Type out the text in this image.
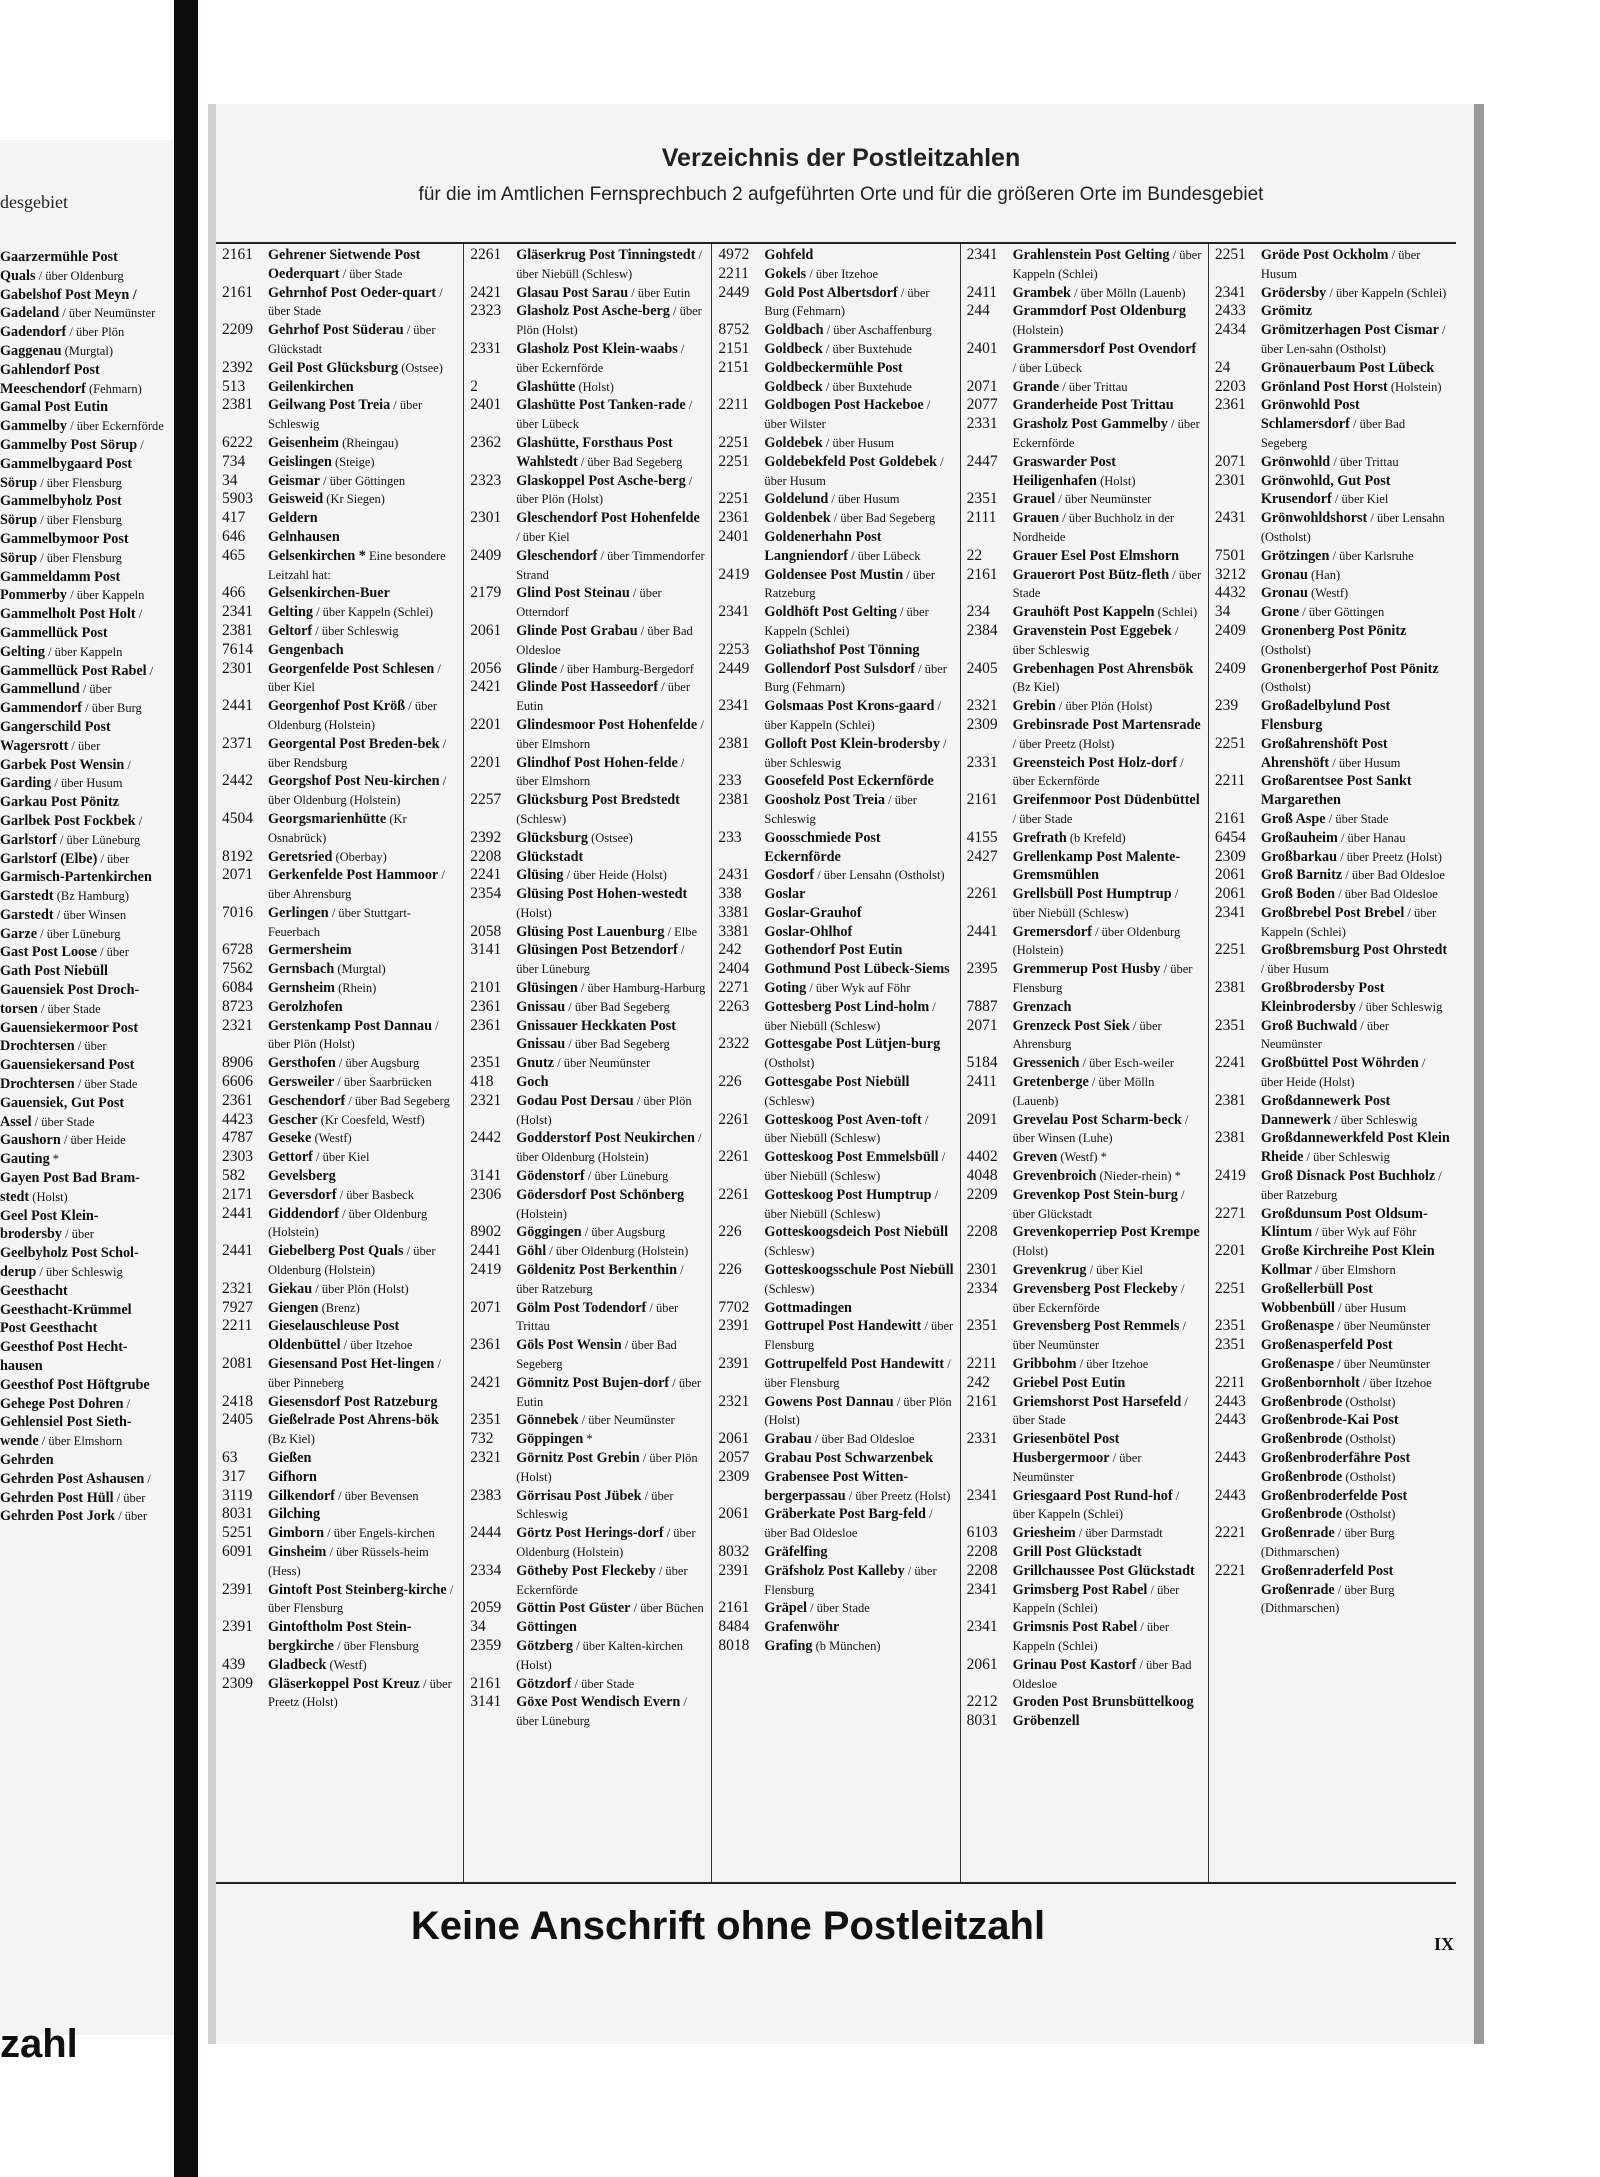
desgebiet
Gaarzermühle Post
Quals / über Oldenburg
Gabelshof Post Meyn /
Gadeland / über Neumünster
Gadendorf / über Plön
Gaggenau (Murgtal)
Gahlendorf Post
Meeschendorf (Fehmarn)
Gamal Post Eutin
Gammelby / über Eckernförde
Gammelby Post Sörup /
Gammelbygaard Post
Sörup / über Flensburg
Gammelbyholz Post
Sörup / über Flensburg
Gammelbymoor Post
Sörup / über Flensburg
Gammeldamm Post
Pommerby / über Kappeln
Gammelholt Post Holt /
Gammellück Post
Gelting / über Kappeln
Gammellück Post Rabel /
Gammellund / über
Gammendorf / über Burg
Gangerschild Post
Wagersrott / über
Garbek Post Wensin /
Garding / über Husum
Garkau Post Pönitz
Garlbek Post Fockbek /
Garlstorf / über Lüneburg
Garlstorf (Elbe) / über
Garmisch-Partenkirchen
Garstedt (Bz Hamburg)
Garstedt / über Winsen
Garze / über Lüneburg
Gast Post Loose / über
Gath Post Niebüll
Gauensiek Post Droch-
torsen / über Stade
Gauensiekermoor Post
Drochtersen / über
Gauensiekersand Post
Drochtersen / über Stade
Gauensiek, Gut Post
Assel / über Stade
Gaushorn / über Heide
Gauting *
Gayen Post Bad Bram-
stedt (Holst)
Geel Post Klein-
brodersby / über
Geelbyholz Post Schol-
derup / über Schleswig
Geesthacht
Geesthacht-Krümmel
Post Geesthacht
Geesthof Post Hecht-
hausen
Geesthof Post Höftgrube
Gehege Post Dohren /
Gehlensiel Post Sieth-
wende / über Elmshorn
Gehrden
Gehrden Post Ashausen /
Gehrden Post Hüll / über
Gehrden Post Jork / über
zahl
Verzeichnis der Postleitzahlen
für die im Amtlichen Fernsprechbuch 2 aufgeführten Orte und für die größeren Orte im Bundesgebiet
2161	Gehrener Sietwende Post Oederquart / über Stade
2161	Gehrnhof Post Oeder-quart / über Stade
2209	Gehrhof Post Süderau / über Glückstadt
2392	Geil Post Glücksburg (Ostsee)
513	Geilenkirchen
2381	Geilwang Post Treia / über Schleswig
6222	Geisenheim (Rheingau)
734	Geislingen (Steige)
34	Geismar / über Göttingen
5903	Geisweid (Kr Siegen)
417	Geldern
646	Gelnhausen
465	Gelsenkirchen * Eine besondere Leitzahl hat:
466	Gelsenkirchen-Buer
2341	Gelting / über Kappeln (Schlei)
2381	Geltorf / über Schleswig
7614	Gengenbach
2301	Georgenfelde Post Schlesen / über Kiel
2441	Georgenhof Post Kröß / über Oldenburg (Holstein)
2371	Georgental Post Breden-bek / über Rendsburg
2442	Georgshof Post Neu-kirchen / über Oldenburg (Holstein)
4504	Georgsmarienhütte (Kr Osnabrück)
8192	Geretsried (Oberbay)
2071	Gerkenfelde Post Hammoor / über Ahrensburg
7016	Gerlingen / über Stuttgart-Feuerbach
6728	Germersheim
7562	Gernsbach (Murgtal)
6084	Gernsheim (Rhein)
8723	Gerolzhofen
2321	Gerstenkamp Post Dannau / über Plön (Holst)
8906	Gersthofen / über Augsburg
6606	Gersweiler / über Saarbrücken
2361	Geschendorf / über Bad Segeberg
4423	Gescher (Kr Coesfeld, Westf)
4787	Geseke (Westf)
2303	Gettorf / über Kiel
582	Gevelsberg
2171	Geversdorf / über Basbeck
2441	Giddendorf / über Oldenburg (Holstein)
2441	Giebelberg Post Quals / über Oldenburg (Holstein)
2321	Giekau / über Plön (Holst)
7927	Giengen (Brenz)
2211	Gieselauschleuse Post Oldenbüttel / über Itzehoe
2081	Giesensand Post Het-lingen / über Pinneberg
2418	Giesensdorf Post Ratzeburg
2405	Gießelrade Post Ahrens-bök (Bz Kiel)
63	Gießen
317	Gifhorn
3119	Gilkendorf / über Bevensen
8031	Gilching
5251	Gimborn / über Engels-kirchen
6091	Ginsheim / über Rüssels-heim (Hess)
2391	Gintoft Post Steinberg-kirche / über Flensburg
2391	Gintoftholm Post Stein-bergkirche / über Flensburg
439	Gladbeck (Westf)
2309	Gläserkoppel Post Kreuz / über Preetz (Holst)
2261	Gläserkrug Post Tinningstedt / über Niebüll (Schlesw)
2421	Glasau Post Sarau / über Eutin
2323	Glasholz Post Asche-berg / über Plön (Holst)
2331	Glasholz Post Klein-waabs / über Eckernförde
2	Glashütte (Holst)
2401	Glashütte Post Tanken-rade / über Lübeck
2362	Glashütte, Forsthaus Post Wahlstedt / über Bad Segeberg
2323	Glaskoppel Post Asche-berg / über Plön (Holst)
2301	Gleschendorf Post Hohenfelde / über Kiel
2409	Gleschendorf / über Timmendorfer Strand
2179	Glind Post Steinau / über Otterndorf
2061	Glinde Post Grabau / über Bad Oldesloe
2056	Glinde / über Hamburg-Bergedorf
2421	Glinde Post Hasseedorf / über Eutin
2201	Glindesmoor Post Hohenfelde / über Elmshorn
2201	Glindhof Post Hohen-felde / über Elmshorn
2257	Glücksburg Post Bredstedt (Schlesw)
2392	Glücksburg (Ostsee)
2208	Glückstadt
2241	Glüsing / über Heide (Holst)
2354	Glüsing Post Hohen-westedt (Holst)
2058	Glüsing Post Lauenburg / Elbe
3141	Glüsingen Post Betzendorf / über Lüneburg
2101	Glüsingen / über Hamburg-Harburg
2361	Gnissau / über Bad Segeberg
2361	Gnissauer Heckkaten Post Gnissau / über Bad Segeberg
2351	Gnutz / über Neumünster
418	Goch
2321	Godau Post Dersau / über Plön (Holst)
2442	Godderstorf Post Neukirchen / über Oldenburg (Holstein)
3141	Gödenstorf / über Lüneburg
2306	Gödersdorf Post Schönberg (Holstein)
8902	Göggingen / über Augsburg
2441	Göhl / über Oldenburg (Holstein)
2419	Göldenitz Post Berkenthin / über Ratzeburg
2071	Gölm Post Todendorf / über Trittau
2361	Göls Post Wensin / über Bad Segeberg
2421	Gömnitz Post Bujen-dorf / über Eutin
2351	Gönnebek / über Neumünster
732	Göppingen *
2321	Görnitz Post Grebin / über Plön (Holst)
2383	Görrisau Post Jübek / über Schleswig
2444	Görtz Post Herings-dorf / über Oldenburg (Holstein)
2334	Götheby Post Fleckeby / über Eckernförde
2059	Göttin Post Güster / über Büchen
34	Göttingen
2359	Götzberg / über Kalten-kirchen (Holst)
2161	Götzdorf / über Stade
3141	Göxe Post Wendisch Evern / über Lüneburg
4972	Gohfeld
2211	Gokels / über Itzehoe
2449	Gold Post Albertsdorf / über Burg (Fehmarn)
8752	Goldbach / über Aschaffenburg
2151	Goldbeck / über Buxtehude
2151	Goldbeckermühle Post Goldbeck / über Buxtehude
2211	Goldbogen Post Hackeboe / über Wilster
2251	Goldebek / über Husum
2251	Goldebekfeld Post Goldebek / über Husum
2251	Goldelund / über Husum
2361	Goldenbek / über Bad Segeberg
2401	Goldenerhahn Post Langniendorf / über Lübeck
2419	Goldensee Post Mustin / über Ratzeburg
2341	Goldhöft Post Gelting / über Kappeln (Schlei)
2253	Goliathshof Post Tönning
2449	Gollendorf Post Sulsdorf / über Burg (Fehmarn)
2341	Golsmaas Post Krons-gaard / über Kappeln (Schlei)
2381	Golloft Post Klein-brodersby / über Schleswig
233	Goosefeld Post Eckernförde
2381	Goosholz Post Treia / über Schleswig
233	Goosschmiede Post Eckernförde
2431	Gosdorf / über Lensahn (Ostholst)
338	Goslar
3381	Goslar-Grauhof
3381	Goslar-Ohlhof
242	Gothendorf Post Eutin
2404	Gothmund Post Lübeck-Siems
2271	Goting / über Wyk auf Föhr
2263	Gottesberg Post Lind-holm / über Niebüll (Schlesw)
2322	Gottesgabe Post Lütjen-burg (Ostholst)
226	Gottesgabe Post Niebüll (Schlesw)
2261	Gotteskoog Post Aven-toft / über Niebüll (Schlesw)
2261	Gotteskoog Post Emmelsbüll / über Niebüll (Schlesw)
2261	Gotteskoog Post Humptrup / über Niebüll (Schlesw)
226	Gotteskoogsdeich Post Niebüll (Schlesw)
226	Gotteskoogsschule Post Niebüll (Schlesw)
7702	Gottmadingen
2391	Gottrupel Post Handewitt / über Flensburg
2391	Gottrupelfeld Post Handewitt / über Flensburg
2321	Gowens Post Dannau / über Plön (Holst)
2061	Grabau / über Bad Oldesloe
2057	Grabau Post Schwarzenbek
2309	Grabensee Post Witten-bergerpassau / über Preetz (Holst)
2061	Gräberkate Post Barg-feld / über Bad Oldesloe
8032	Gräfelfing
2391	Gräfsholz Post Kalleby / über Flensburg
2161	Gräpel / über Stade
8484	Grafenwöhr
8018	Grafing (b München)
2341	Grahlenstein Post Gelting / über Kappeln (Schlei)
2411	Grambek / über Mölln (Lauenb)
244	Grammdorf Post Oldenburg (Holstein)
2401	Grammersdorf Post Ovendorf / über Lübeck
2071	Grande / über Trittau
2077	Granderheide Post Trittau
2331	Grasholz Post Gammelby / über Eckernförde
2447	Graswarder Post Heiligenhafen (Holst)
2351	Grauel / über Neumünster
2111	Grauen / über Buchholz in der Nordheide
22	Grauer Esel Post Elmshorn
2161	Grauerort Post Bütz-fleth / über Stade
234	Grauhöft Post Kappeln (Schlei)
2384	Gravenstein Post Eggebek / über Schleswig
2405	Grebenhagen Post Ahrensbök (Bz Kiel)
2321	Grebin / über Plön (Holst)
2309	Grebinsrade Post Martensrade / über Preetz (Holst)
2331	Greensteich Post Holz-dorf / über Eckernförde
2161	Greifenmoor Post Düdenbüttel / über Stade
4155	Grefrath (b Krefeld)
2427	Grellenkamp Post Malente-Gremsmühlen
2261	Grellsbüll Post Humptrup / über Niebüll (Schlesw)
2441	Gremersdorf / über Oldenburg (Holstein)
2395	Gremmerup Post Husby / über Flensburg
7887	Grenzach
2071	Grenzeck Post Siek / über Ahrensburg
5184	Gressenich / über Esch-weiler
2411	Gretenberge / über Mölln (Lauenb)
2091	Grevelau Post Scharm-beck / über Winsen (Luhe)
4402	Greven (Westf) *
4048	Grevenbroich (Nieder-rhein) *
2209	Grevenkop Post Stein-burg / über Glückstadt
2208	Grevenkoperriep Post Krempe (Holst)
2301	Grevenkrug / über Kiel
2334	Grevensberg Post Fleckeby / über Eckernförde
2351	Grevensberg Post Remmels / über Neumünster
2211	Gribbohm / über Itzehoe
242	Griebel Post Eutin
2161	Griemshorst Post Harsefeld / über Stade
2331	Griesenbötel Post Husbergermoor / über Neumünster
2341	Griesgaard Post Rund-hof / über Kappeln (Schlei)
6103	Griesheim / über Darmstadt
2208	Grill Post Glückstadt
2208	Grillchaussee Post Glückstadt
2341	Grimsberg Post Rabel / über Kappeln (Schlei)
2341	Grimsnis Post Rabel / über Kappeln (Schlei)
2061	Grinau Post Kastorf / über Bad Oldesloe
2212	Groden Post Brunsbüttelkoog
8031	Gröbenzell
2251	Gröde Post Ockholm / über Husum
2341	Grödersby / über Kappeln (Schlei)
2433	Grömitz
2434	Grömitzerhagen Post Cismar / über Len-sahn (Ostholst)
24	Grönauerbaum Post Lübeck
2203	Grönland Post Horst (Holstein)
2361	Grönwohld Post Schlamersdorf / über Bad Segeberg
2071	Grönwohld / über Trittau
2301	Grönwohld, Gut Post Krusendorf / über Kiel
2431	Grönwohldshorst / über Lensahn (Ostholst)
7501	Grötzingen / über Karlsruhe
3212	Gronau (Han)
4432	Gronau (Westf)
34	Grone / über Göttingen
2409	Gronenberg Post Pönitz (Ostholst)
2409	Gronenbergerhof Post Pönitz (Ostholst)
239	Großadelbylund Post Flensburg
2251	Großahrenshöft Post Ahrenshöft / über Husum
2211	Großarentsee Post Sankt Margarethen
2161	Groß Aspe / über Stade
6454	Großauheim / über Hanau
2309	Großbarkau / über Preetz (Holst)
2061	Groß Barnitz / über Bad Oldesloe
2061	Groß Boden / über Bad Oldesloe
2341	Großbrebel Post Brebel / über Kappeln (Schlei)
2251	Großbremsburg Post Ohrstedt / über Husum
2381	Großbrodersby Post Kleinbrodersby / über Schleswig
2351	Groß Buchwald / über Neumünster
2241	Großbüttel Post Wöhrden / über Heide (Holst)
2381	Großdannewerk Post Dannewerk / über Schleswig
2381	Großdannewerkfeld Post Klein Rheide / über Schleswig
2419	Groß Disnack Post Buchholz / über Ratzeburg
2271	Großdunsum Post Oldsum-Klintum / über Wyk auf Föhr
2201	Große Kirchreihe Post Klein Kollmar / über Elmshorn
2251	Großellerbüll Post Wobbenbüll / über Husum
2351	Großenaspe / über Neumünster
2351	Großenasperfeld Post Großenaspe / über Neumünster
2211	Großenbornholt / über Itzehoe
2443	Großenbrode (Ostholst)
2443	Großenbrode-Kai Post Großenbrode (Ostholst)
2443	Großenbroderfähre Post Großenbrode (Ostholst)
2443	Großenbroderfelde Post Großenbrode (Ostholst)
2221	Großenrade / über Burg (Dithmarschen)
2221	Großenraderfeld Post Großenrade / über Burg (Dithmarschen)
Keine Anschrift ohne Postleitzahl	IX
